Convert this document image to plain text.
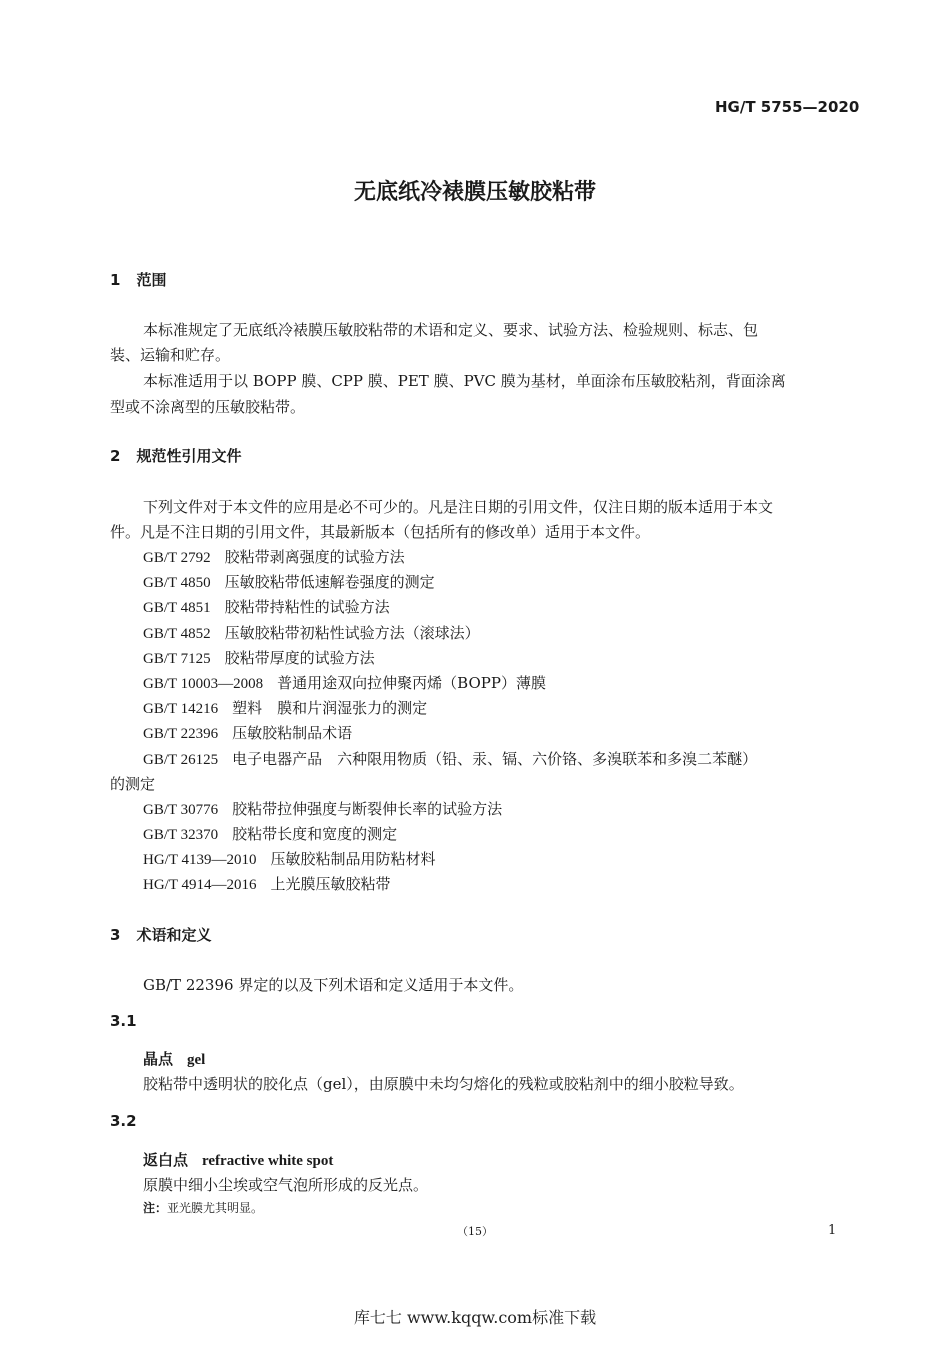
HG/T 5755—2020
无底纸冷裱膜压敏胶粘带
1 范围
本标准规定了无底纸冷裱膜压敏胶粘带的术语和定义、要求、试验方法、检验规则、标志、包
装、运输和贮存。
本标准适用于以 BOPP 膜、CPP 膜、PET 膜、PVC 膜为基材，单面涂布压敏胶粘剂，背面涂离
型或不涂离型的压敏胶粘带。
2 规范性引用文件
下列文件对于本文件的应用是必不可少的。凡是注日期的引用文件，仅注日期的版本适用于本文
件。凡是不注日期的引用文件，其最新版本（包括所有的修改单）适用于本文件。
GB/T 2792 胶粘带剥离强度的试验方法
GB/T 4850 压敏胶粘带低速解卷强度的测定
GB/T 4851 胶粘带持粘性的试验方法
GB/T 4852 压敏胶粘带初粘性试验方法（滚球法）
GB/T 7125 胶粘带厚度的试验方法
GB/T 10003—2008 普通用途双向拉伸聚丙烯（BOPP）薄膜
GB/T 14216 塑料　膜和片润湿张力的测定
GB/T 22396 压敏胶粘制品术语
GB/T 26125 电子电器产品　六种限用物质（铅、汞、镉、六价铬、多溴联苯和多溴二苯醚）
GB/T 30776 胶粘带拉伸强度与断裂伸长率的试验方法
GB/T 32370 胶粘带长度和宽度的测定
HG/T 4139—2010 压敏胶粘制品用防粘材料
HG/T 4914—2016 上光膜压敏胶粘带
的测定
3 术语和定义
GB/T 22396 界定的以及下列术语和定义适用于本文件。
3.1
晶点 gel
胶粘带中透明状的胶化点（gel），由原膜中未均匀熔化的残粒或胶粘剂中的细小胶粒导致。
3.2
返白点 refractive white spot
原膜中细小尘埃或空气泡所形成的反光点。
注：亚光膜尤其明显。
（15）	1
库七七 www.kqqw.com标准下载
